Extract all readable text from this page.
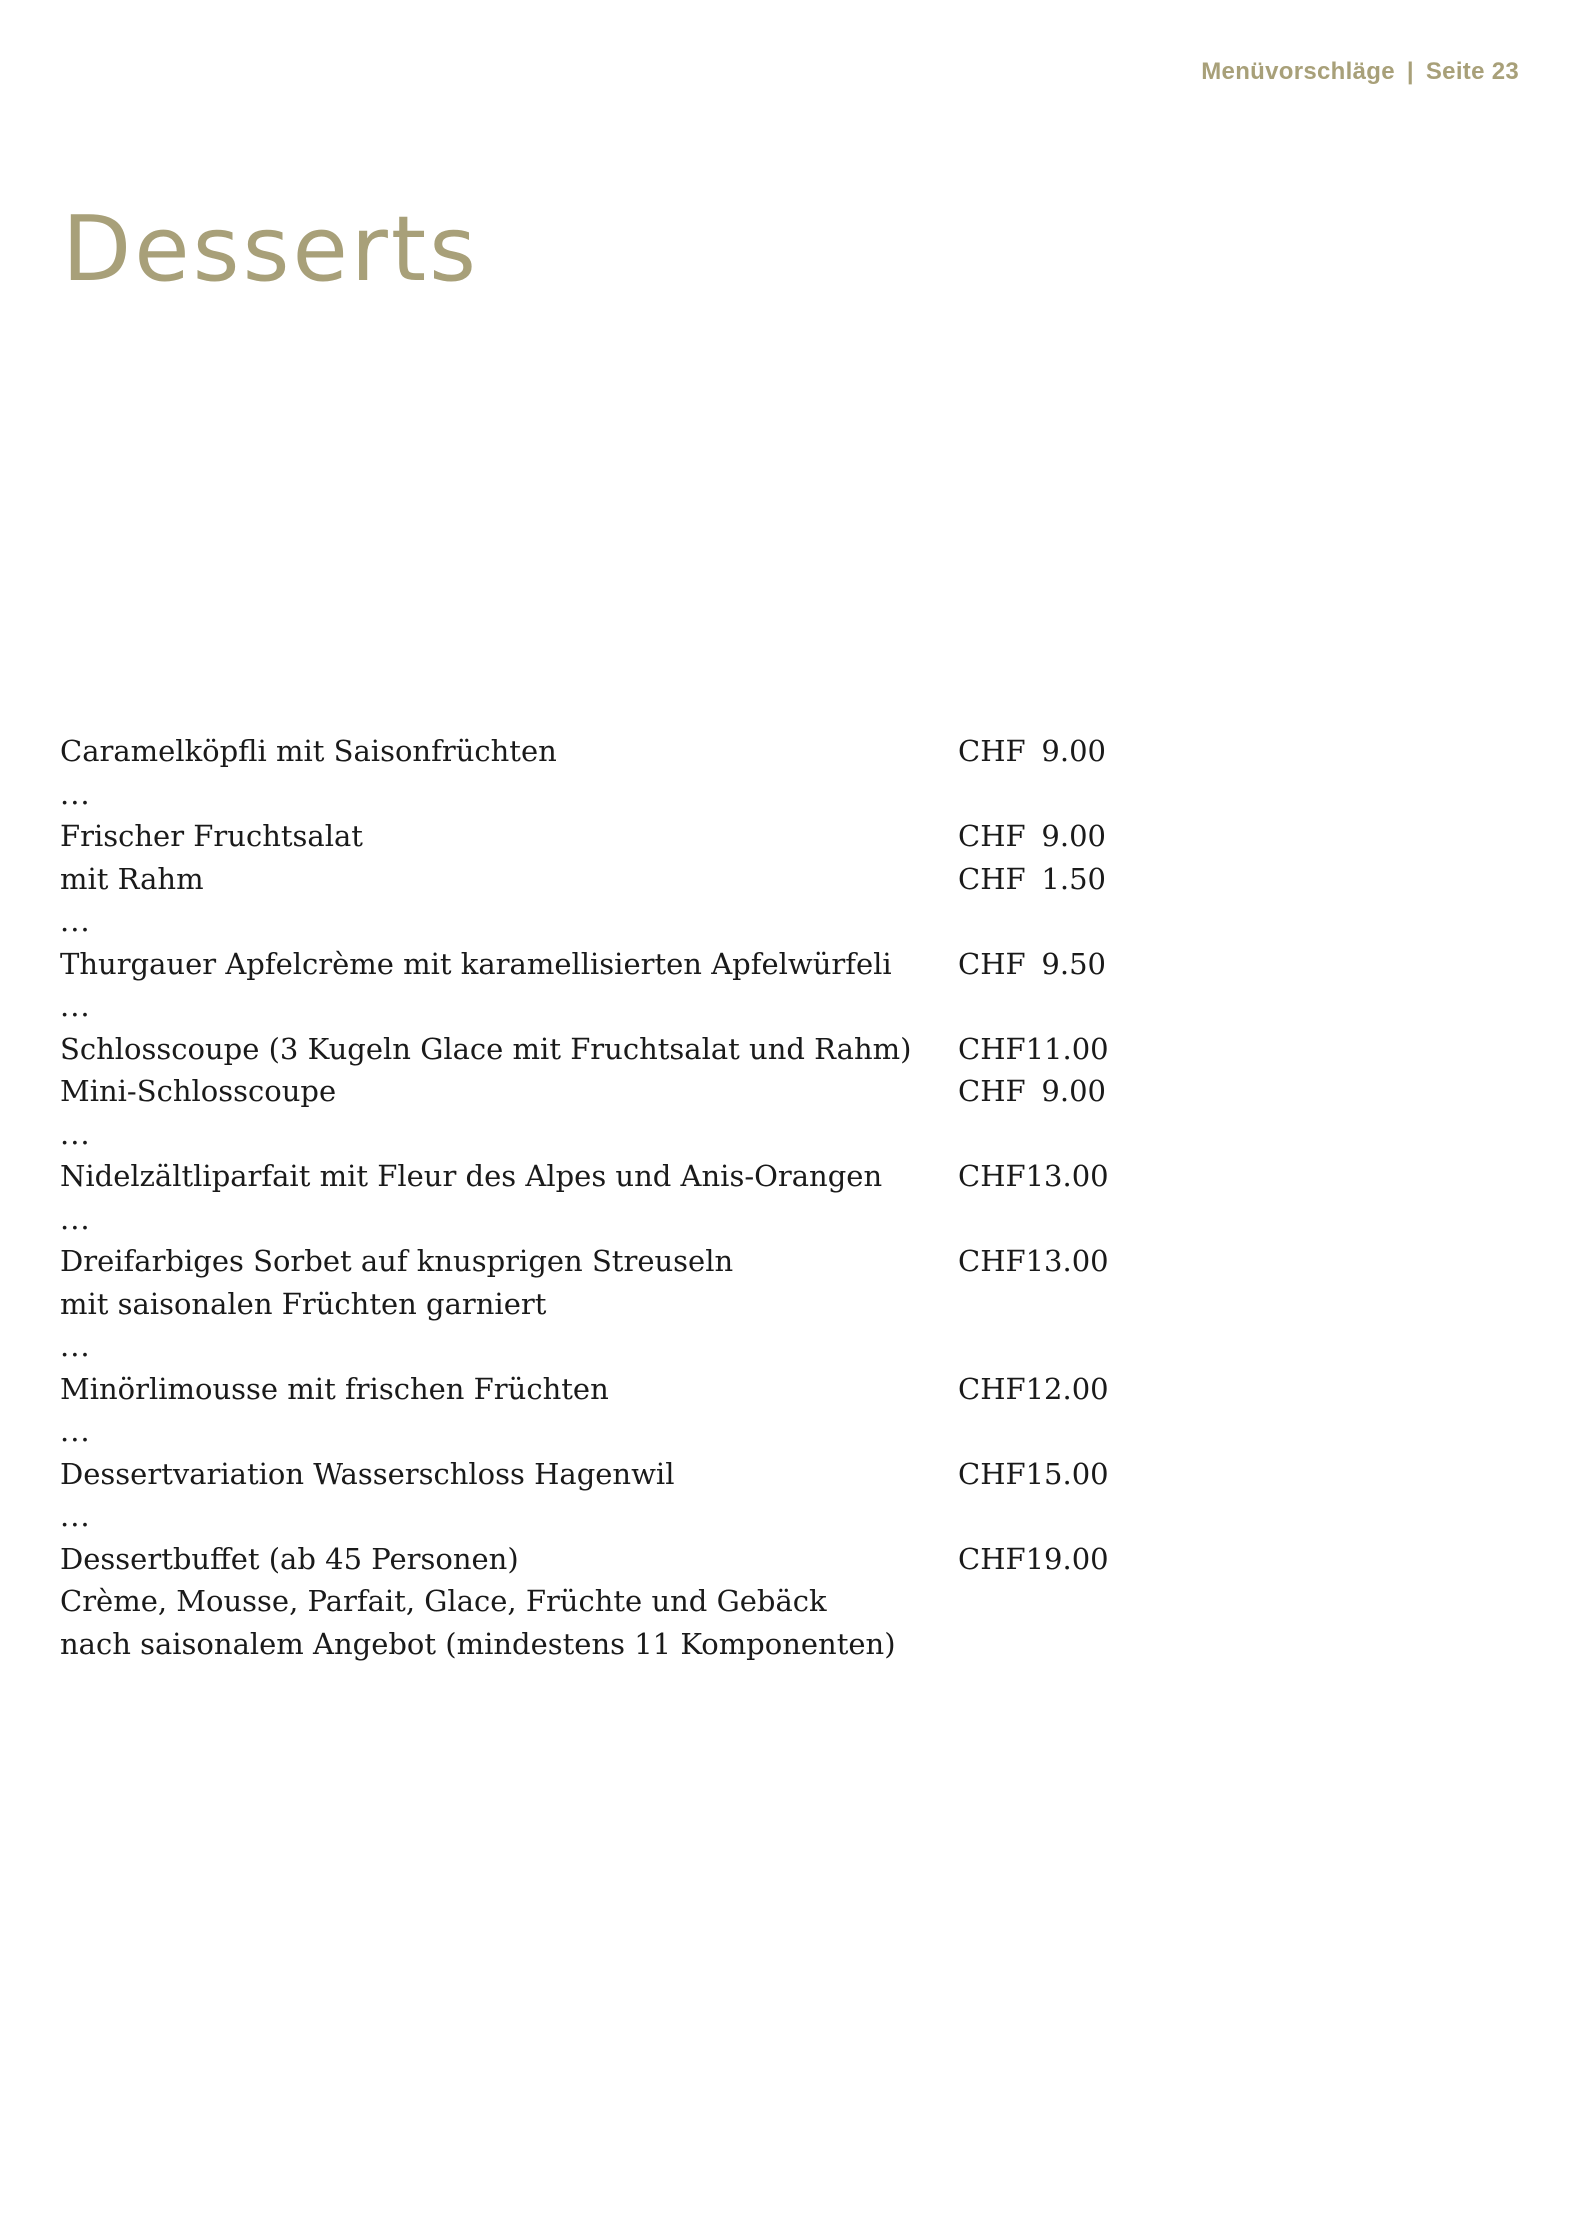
Menüvorschläge | Seite 23
Desserts
Caramelköpfli mit Saisonfrüchten	CHF 9.00
...
Frischer Fruchtsalat	CHF 9.00
mit Rahm	CHF 1.50
...
Thurgauer Apfelcrème mit karamellisierten Apfelwürfeli CHF 9.50
...
Schlosscoupe (3 Kugeln Glace mit Fruchtsalat und Rahm) CHF 11.00
Mini-Schlosscoupe	CHF 9.00
...
Nidelzältliparfait mit Fleur des Alpes und Anis-Orangen	CHF 13.00
...
Dreifarbiges Sorbet auf knusprigen Streuseln	CHF 13.00
mit saisonalen Früchten garniert
...
Minörlimousse mit frischen Früchten	CHF 12.00
...
Dessertvariation Wasserschloss Hagenwil	CHF 15.00
...
Dessertbuffet (ab 45 Personen)	CHF 19.00
Crème, Mousse, Parfait, Glace, Früchte und Gebäck
nach saisonalem Angebot (mindestens 11 Komponenten)
